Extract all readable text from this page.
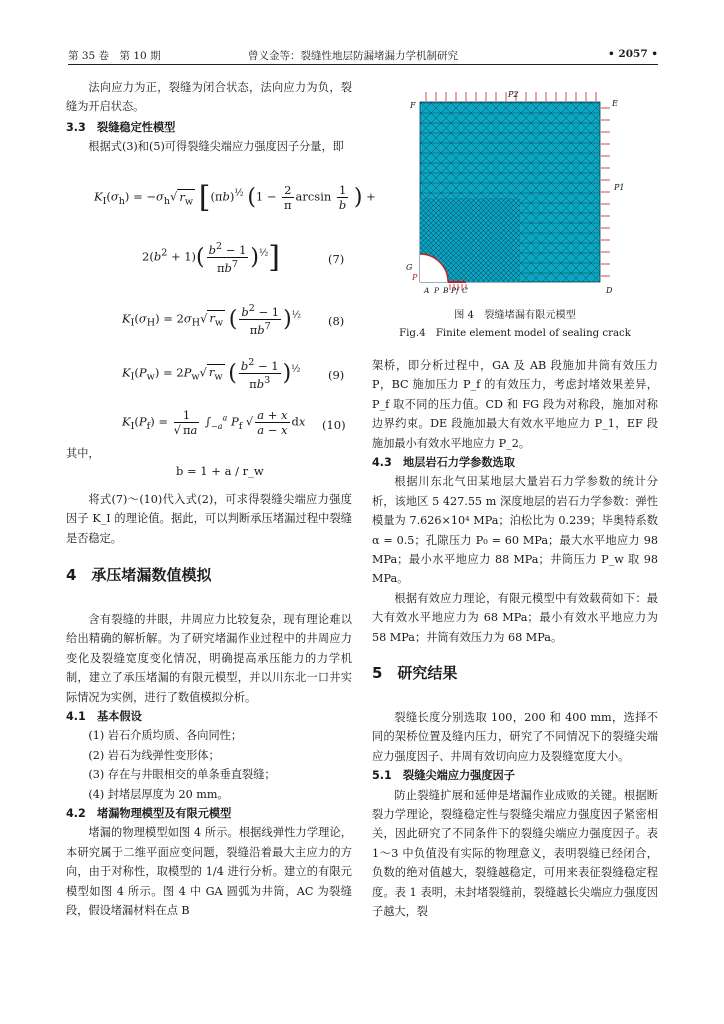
第 35 卷　第 10 期	曾义金等：裂缝性地层防漏堵漏力学机制研究	• 2057 •

法向应力为正，裂缝为闭合状态，法向应力为负，裂缝为开启状态。

3.3　裂缝稳定性模型

根据式(3)和(5)可得裂缝尖端应力强度因子分量，即

$K_I(\sigma_h) = -\sigma_h√$ $r_w$ [$(\pi b)^{\frac{1}{2}}$ ($1 - \frac{2}{\pi}$ $\arcsin \frac{1}{b}$ ) +
$2(b^2 + 1)( \frac{b^2 - 1}{\pi b^7} )^{\frac{1}{2}}$]	(7)
$K_I(\sigma_H) = 2\sigma_H√$ $r_w$ ( $\frac{b^2 - 1}{\pi b^7} )^{\frac{1}{2}}$ (8)
$K_I(P_w) = 2P_w√$ $r_w$ ( $\frac{b^2 - 1}{\pi b^3} )^{\frac{1}{2}}$ (9)
$K_I(P_f) = \frac{1}{√ \pi a} \int_{-a}^a$ $P_f$ √ $\frac{a + x}{a - x}$ dx (10)

其中，

b = 1 + a / r_w

将式(7)～(10)代入式(2)，可求得裂缝尖端应力强度因子 K_I 的理论值。据此，可以判断承压堵漏过程中裂缝是否稳定。

4　承压堵漏数值模拟

含有裂缝的井眼，井周应力比较复杂，现有理论难以给出精确的解析解。为了研究堵漏作业过程中的井周应力变化及裂缝宽度变化情况，明确提高承压能力的力学机制，建立了承压堵漏的有限元模型，并以川东北一口井实际情况为实例，进行了数值模拟分析。

4.1　基本假设

(1) 岩石介质均质、各向同性；

(2) 岩石为线弹性变形体；

(3) 存在与井眼相交的单条垂直裂缝；

(4) 封堵层厚度为 20 mm。

4.2　堵漏物理模型及有限元模型

堵漏的物理模型如图 4 所示。根据线弹性力学理论，本研究属于二维平面应变问题，裂缝沿着最大主应力的方向，由于对称性，取模型的 1/4 进行分析。建立的有限元模型如图 4 所示。图 4 中 GA 圆弧为井筒，AC 为裂缝段，假设堵漏材料在点 B

P2
F	E
P1
G
P
A P B Pf C	D
图 4　裂缝堵漏有限元模型
Fig.4　Finite element model of sealing crack

架桥，即分析过程中，GA 及 AB 段施加井筒有效压力 P，BC 施加压力 P_f 的有效压力，考虑封堵效果差异，P_f 取不同的压力值。CD 和 FG 段为对称段，施加对称边界约束。DE 段施加最大有效水平地应力 P_1，EF 段施加最小有效水平地应力 P_2。

4.3　地层岩石力学参数选取

根据川东北气田某地层大量岩石力学参数的统计分析，该地区 5 427.55 m 深度地层的岩石力学参数：弹性模量为 7.626×10⁴ MPa；泊松比为 0.239；毕奥特系数 α = 0.5；孔隙压力 P₀ = 60 MPa；最大水平地应力 98 MPa；最小水平地应力 88 MPa；井筒压力 P_w 取 98 MPa。

根据有效应力理论，有限元模型中有效载荷如下：最大有效水平地应力为 68 MPa；最小有效水平地应力为 58 MPa；井筒有效压力为 68 MPa。

5　研究结果

裂缝长度分别选取 100，200 和 400 mm，选择不同的架桥位置及缝内压力，研究了不同情况下的裂缝尖端应力强度因子、井周有效切向应力及裂缝宽度大小。

5.1　裂缝尖端应力强度因子

防止裂缝扩展和延伸是堵漏作业成败的关键。根据断裂力学理论，裂缝稳定性与裂缝尖端应力强度因子紧密相关，因此研究了不同条件下的裂缝尖端应力强度因子。表 1～3 中负值没有实际的物理意义，表明裂缝已经闭合，负数的绝对值越大，裂缝越稳定，可用来表征裂缝稳定程度。表 1 表明，未封堵裂缝前，裂缝越长尖端应力强度因子越大，裂
